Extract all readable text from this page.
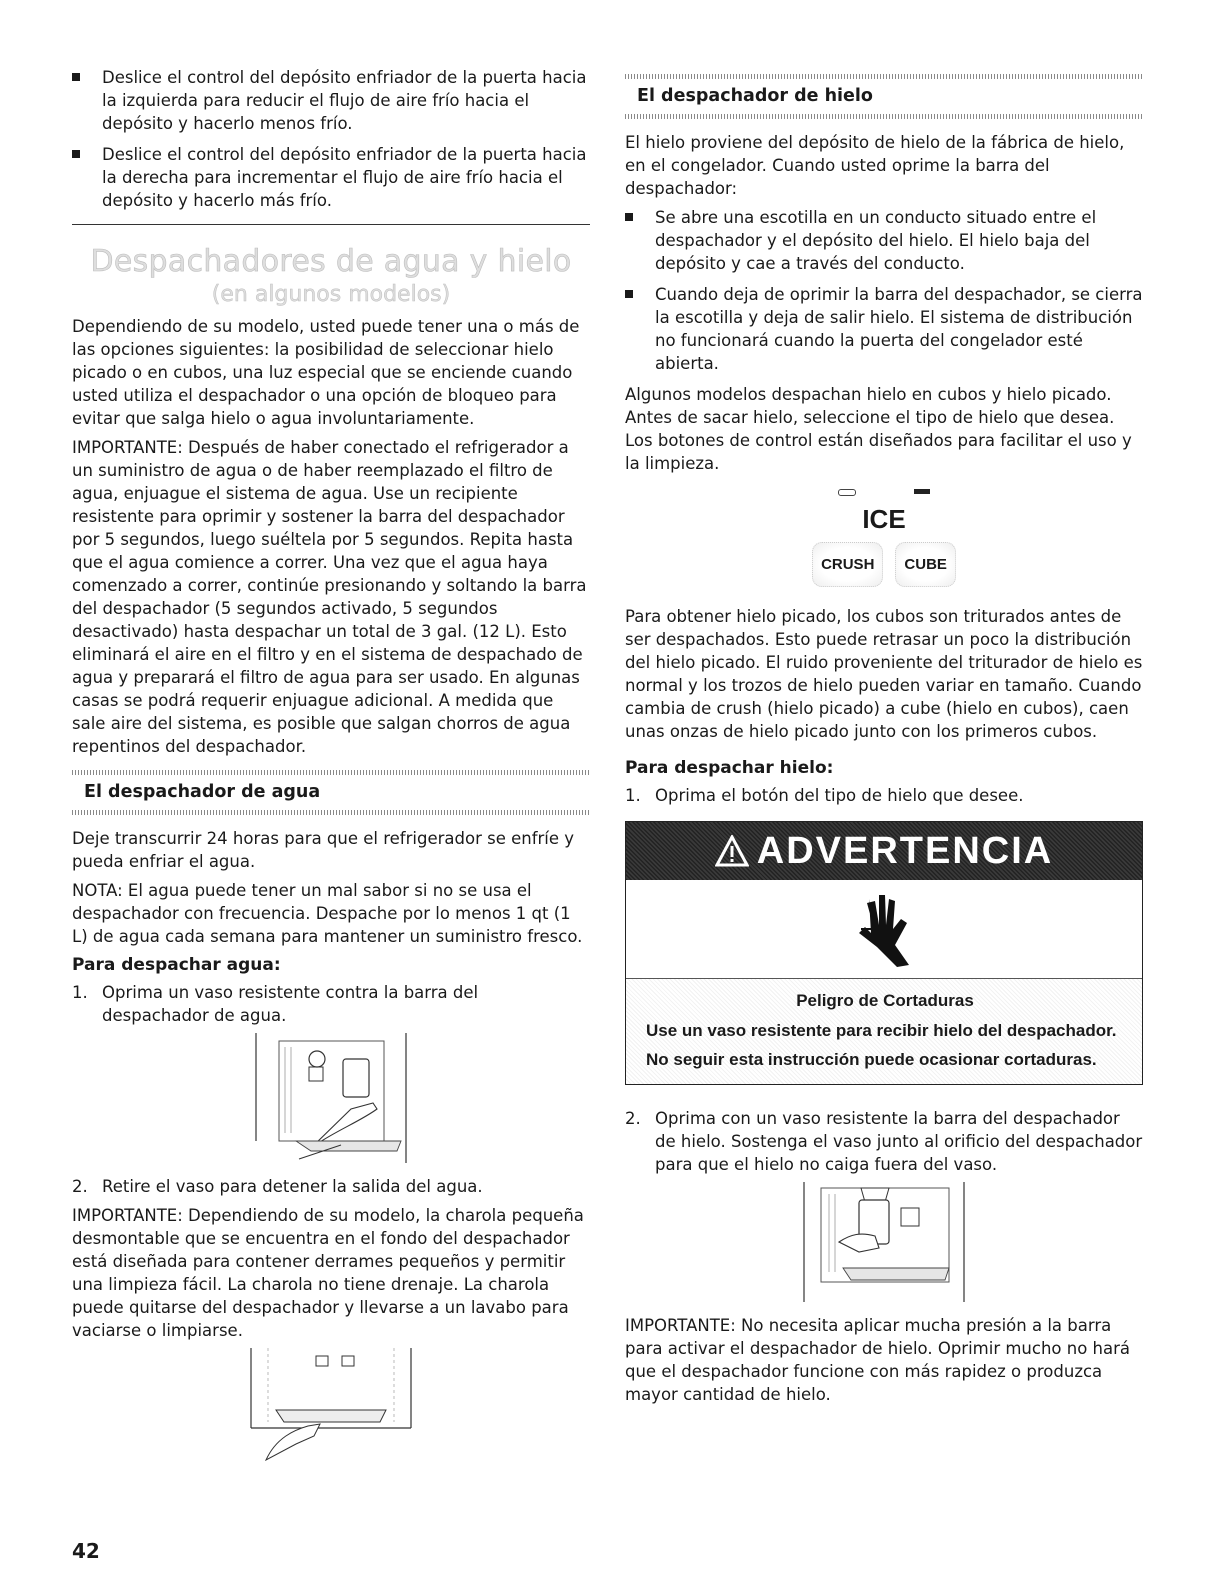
Deslice el control del depósito enfriador de la puerta hacia la izquierda para reducir el flujo de aire frío hacia el depósito y hacerlo menos frío.
Deslice el control del depósito enfriador de la puerta hacia la derecha para incrementar el flujo de aire frío hacia el depósito y hacerlo más frío.
Despachadores de agua y hielo
(en algunos modelos)

Dependiendo de su modelo, usted puede tener una o más de las opciones siguientes: la posibilidad de seleccionar hielo picado o en cubos, una luz especial que se enciende cuando usted utiliza el despachador o una opción de bloqueo para evitar que salga hielo o agua involuntariamente.

IMPORTANTE: Después de haber conectado el refrigerador a un suministro de agua o de haber reemplazado el filtro de agua, enjuague el sistema de agua. Use un recipiente resistente para oprimir y sostener la barra del despachador por 5 segundos, luego suéltela por 5 segundos. Repita hasta que el agua comience a correr. Una vez que el agua haya comenzado a correr, continúe presionando y soltando la barra del despachador (5 segundos activado, 5 segundos desactivado) hasta despachar un total de 3 gal. (12 L). Esto eliminará el aire en el filtro y en el sistema de despachado de agua y preparará el filtro de agua para ser usado. En algunas casas se podrá requerir enjuague adicional. A medida que sale aire del sistema, es posible que salgan chorros de agua repentinos del despachador.

El despachador de agua

Deje transcurrir 24 horas para que el refrigerador se enfríe y pueda enfriar el agua.

NOTA: El agua puede tener un mal sabor si no se usa el despachador con frecuencia. Despache por lo menos 1 qt (1 L) de agua cada semana para mantener un suministro fresco.

Para despachar agua:
1. Oprima un vaso resistente contra la barra del despachador de agua.
2. Retire el vaso para detener la salida del agua.

IMPORTANTE: Dependiendo de su modelo, la charola pequeña desmontable que se encuentra en el fondo del despachador está diseñada para contener derrames pequeños y permitir una limpieza fácil. La charola no tiene drenaje. La charola puede quitarse del despachador y llevarse a un lavabo para vaciarse o limpiarse.

El despachador de hielo

El hielo proviene del depósito de hielo de la fábrica de hielo, en el congelador. Cuando usted oprime la barra del despachador:

Se abre una escotilla en un conducto situado entre el despachador y el depósito del hielo. El hielo baja del depósito y cae a través del conducto.
Cuando deja de oprimir la barra del despachador, se cierra la escotilla y deja de salir hielo. El sistema de distribución no funcionará cuando la puerta del congelador esté abierta.

Algunos modelos despachan hielo en cubos y hielo picado. Antes de sacar hielo, seleccione el tipo de hielo que desea. Los botones de control están diseñados para facilitar el uso y la limpieza.

ICE
CRUSH	CUBE

Para obtener hielo picado, los cubos son triturados antes de ser despachados. Esto puede retrasar un poco la distribución del hielo picado. El ruido proveniente del triturador de hielo es normal y los trozos de hielo pueden variar en tamaño. Cuando cambia de crush (hielo picado) a cube (hielo en cubos), caen unas onzas de hielo picado junto con los primeros cubos.

Para despachar hielo:
1. Oprima el botón del tipo de hielo que desee.
ADVERTENCIA
Peligro de Cortaduras
Use un vaso resistente para recibir hielo del despachador.
No seguir esta instrucción puede ocasionar cortaduras.
2. Oprima con un vaso resistente la barra del despachador de hielo. Sostenga el vaso junto al orificio del despachador para que el hielo no caiga fuera del vaso.

IMPORTANTE: No necesita aplicar mucha presión a la barra para activar el despachador de hielo. Oprimir mucho no hará que el despachador funcione con más rapidez o produzca mayor cantidad de hielo.

42
